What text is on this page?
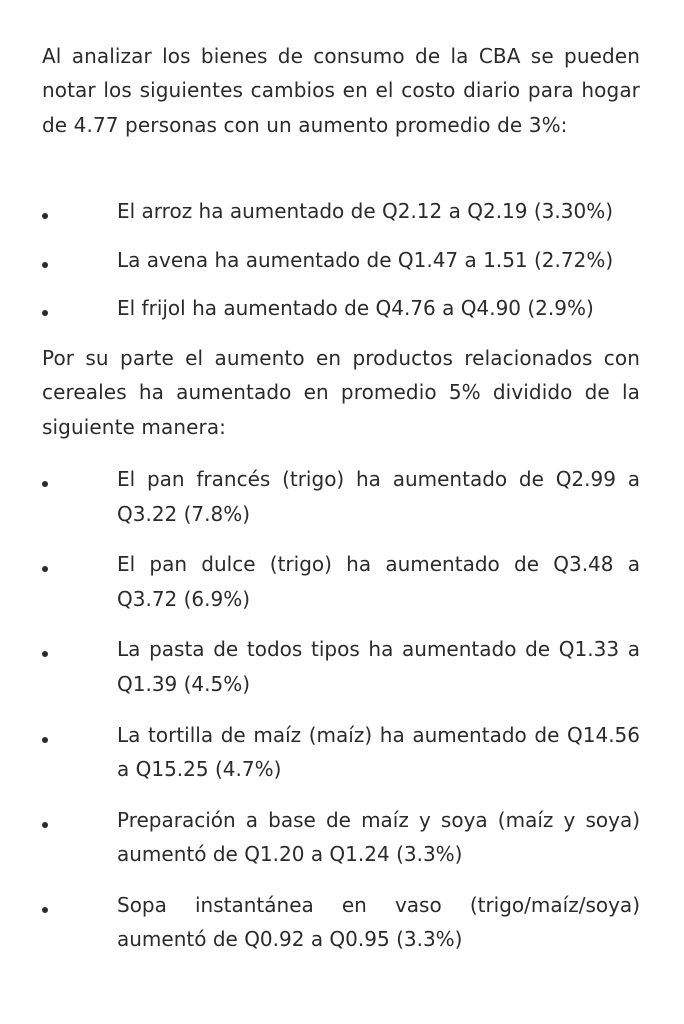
Al analizar los bienes de consumo de la CBA se pueden notar los siguientes cambios en el costo diario para hogar de 4.77 personas con un aumento promedio de 3%:

El arroz ha aumentado de Q2.12 a Q2.19 (3.30%)
La avena ha aumentado de Q1.47 a 1.51 (2.72%)
El frijol ha aumentado de Q4.76 a Q4.90 (2.9%)

Por su parte el aumento en productos relacionados con cereales ha aumentado en promedio 5% dividido de la siguiente manera:

El pan francés (trigo) ha aumentado de Q2.99 a Q3.22 (7.8%)
El pan dulce (trigo) ha aumentado de Q3.48 a Q3.72 (6.9%)
La pasta de todos tipos ha aumentado de Q1.33 a Q1.39 (4.5%)
La tortilla de maíz (maíz) ha aumentado de Q14.56 a Q15.25 (4.7%)
Preparación a base de maíz y soya (maíz y soya) aumentó de Q1.20 a Q1.24 (3.3%)
Sopa instantánea en vaso (trigo/maíz/soya) aumentó de Q0.92 a Q0.95 (3.3%)
